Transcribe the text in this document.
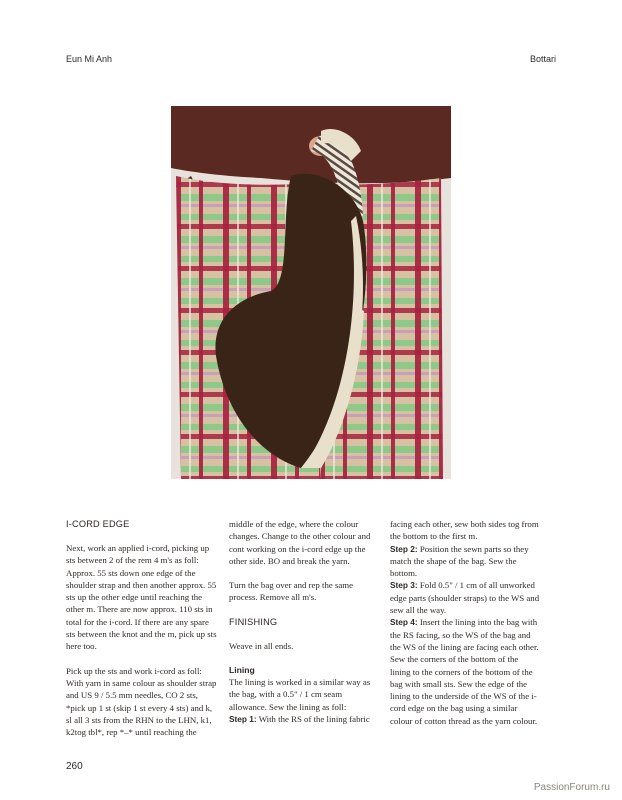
Eun Mi Anh	Bottari
I-CORD EDGE

Next, work an applied i-cord, picking up sts between 2 of the rem 4 m's as foll: Approx. 55 sts down one edge of the shoulder strap and then another approx. 55 sts up the other edge until reaching the other m. There are now approx. 110 sts in total for the i-cord. If there are any spare sts between the knot and the m, pick up sts here too.

Pick up the sts and work i-cord as foll: With yarn in same colour as shoulder strap and US 9 / 5.5 mm needles, CO 2 sts, *pick up 1 st (skip 1 st every 4 sts) and k, sl all 3 sts from the RHN to the LHN, k1, k2tog tbl*, rep *–* until reaching the

middle of the edge, where the colour changes. Change to the other colour and cont working on the i-cord edge up the other side. BO and break the yarn.

Turn the bag over and rep the same process. Remove all m's.

FINISHING

Weave in all ends.

Lining

The lining is worked in a similar way as the bag, with a 0.5" / 1 cm seam allowance. Sew the lining as foll:

Step 1: With the RS of the lining fabric

facing each other, sew both sides tog from the bottom to the first m.

Step 2: Position the sewn parts so they match the shape of the bag. Sew the bottom.

Step 3: Fold 0.5" / 1 cm of all unworked edge parts (shoulder straps) to the WS and sew all the way.

Step 4: Insert the lining into the bag with the RS facing, so the WS of the bag and the WS of the lining are facing each other. Sew the corners of the bottom of the lining to the corners of the bottom of the bag with small sts. Sew the edge of the lining to the underside of the WS of the i-cord edge on the bag using a similar colour of cotton thread as the yarn colour.

260
PassionForum.ru
